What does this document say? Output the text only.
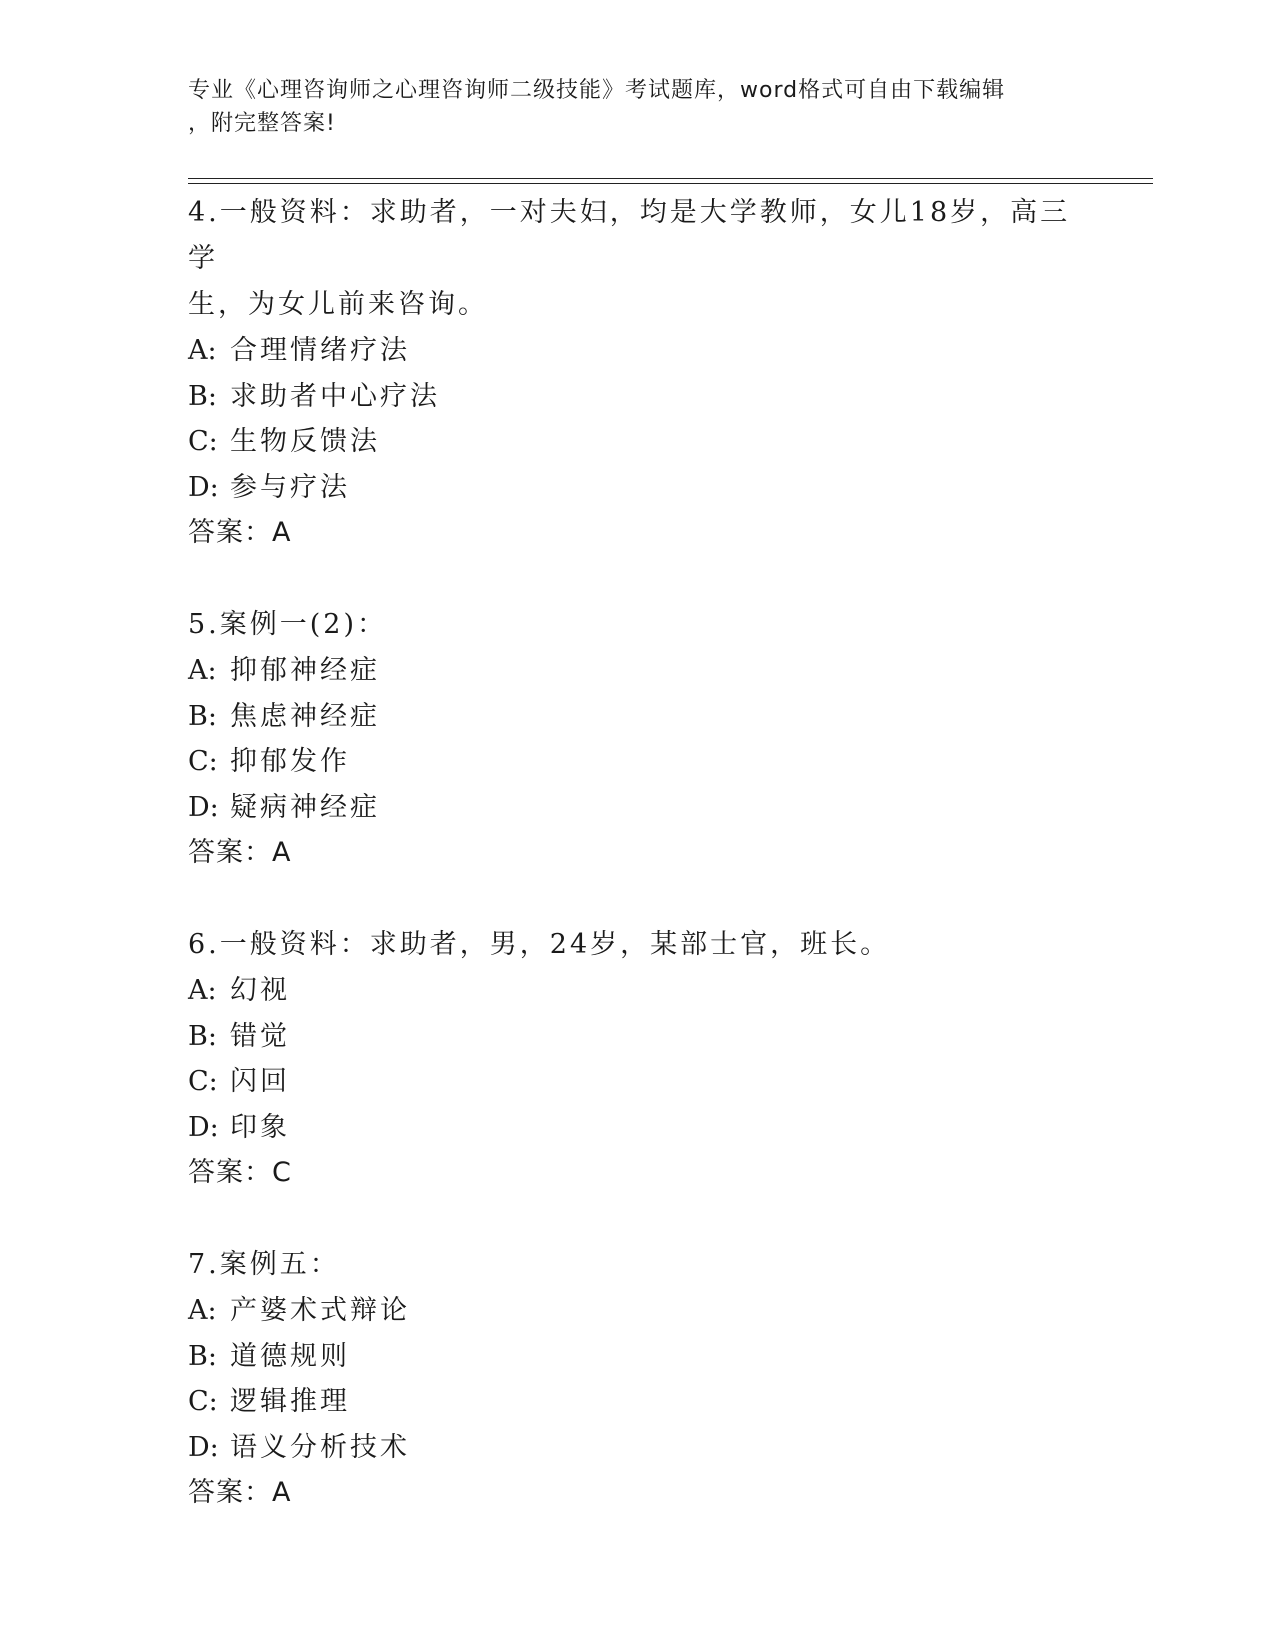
专业《心理咨询师之心理咨询师二级技能》考试题库，word格式可自由下载编辑
，附完整答案!

4.一般资料：求助者，一对夫妇，均是大学教师，女儿18岁，高三学

生，为女儿前来咨询。

A: 合理情绪疗法
B: 求助者中心疗法
C: 生物反馈法
D: 参与疗法

答案：A

5.案例一(2)：

A: 抑郁神经症
B: 焦虑神经症
C: 抑郁发作
D: 疑病神经症

答案：A

6.一般资料：求助者，男，24岁，某部士官，班长。

A: 幻视
B: 错觉
C: 闪回
D: 印象

答案：C

7.案例五：

A: 产婆术式辩论
B: 道德规则
C: 逻辑推理
D: 语义分析技术

答案：A
